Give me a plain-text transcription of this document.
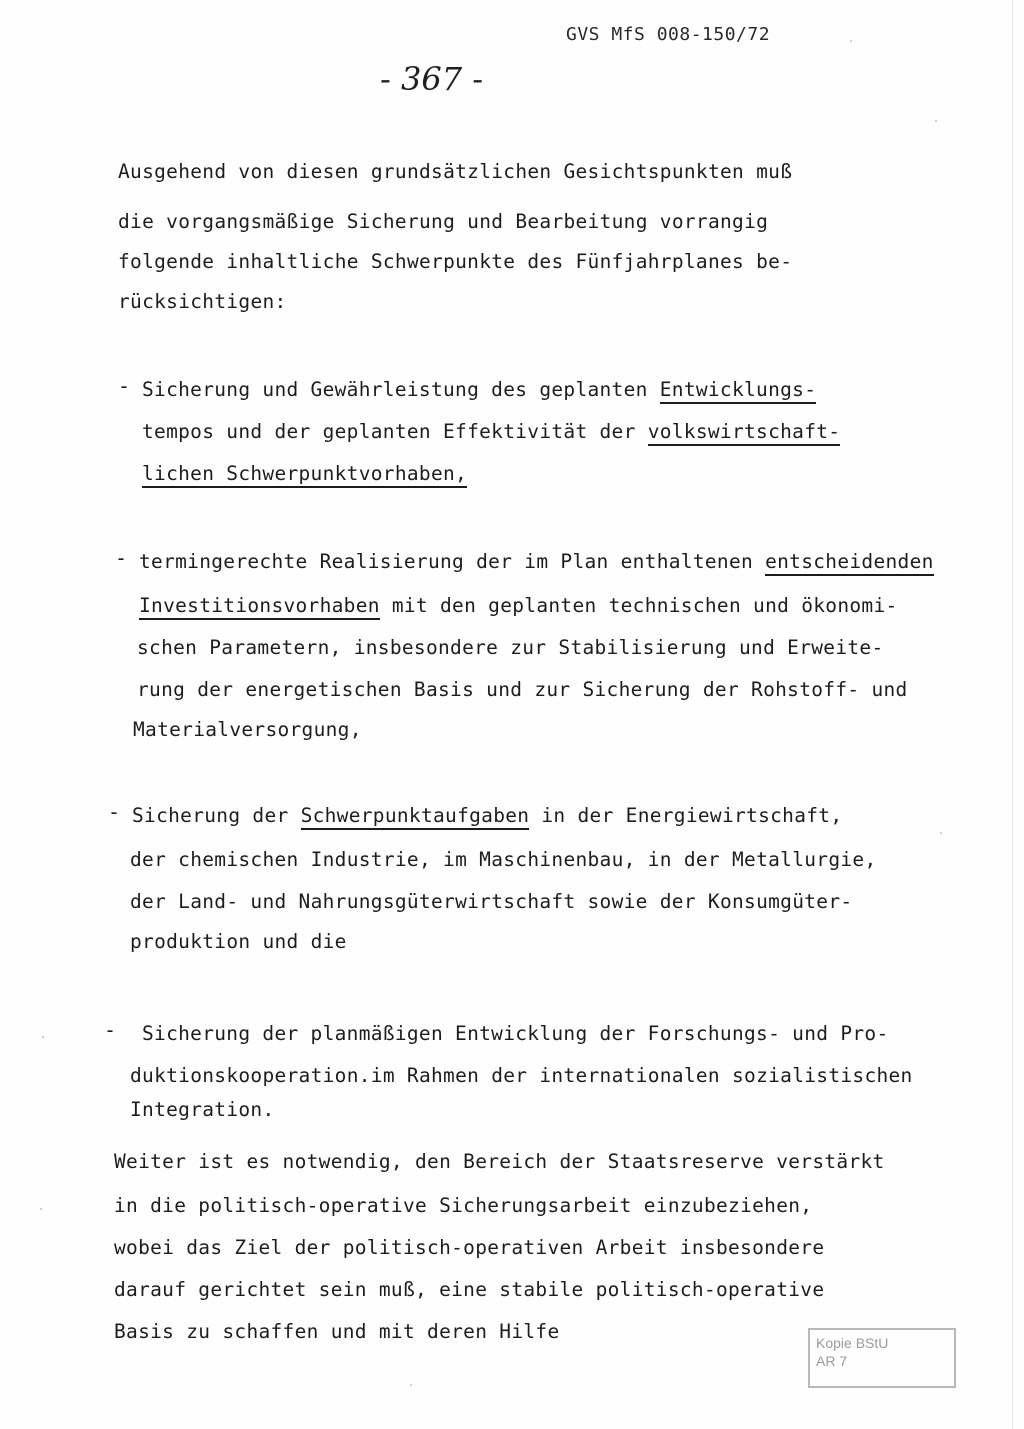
GVS MfS 008-150/72
- 367 -
Ausgehend von diesen grundsätzlichen Gesichtspunkten muß
die vorgangsmäßige Sicherung und Bearbeitung vorrangig
folgende inhaltliche Schwerpunkte des Fünfjahrplanes be-
rücksichtigen:
- Sicherung und Gewährleistung des geplanten Entwicklungs-
tempos und der geplanten Effektivität der volkswirtschaft-
lichen Schwerpunktvorhaben,
- termingerechte Realisierung der im Plan enthaltenen entscheidenden
Investitionsvorhaben mit den geplanten technischen und ökonomi-
schen Parametern, insbesondere zur Stabilisierung und Erweite-
rung der energetischen Basis und zur Sicherung der Rohstoff- und
Materialversorgung,
- Sicherung der Schwerpunktaufgaben in der Energiewirtschaft,
der chemischen Industrie, im Maschinenbau, in der Metallurgie,
der Land- und Nahrungsgüterwirtschaft sowie der Konsumgüter-
produktion und die
- Sicherung der planmäßigen Entwicklung der Forschungs- und Pro-
duktionskooperation.im Rahmen der internationalen sozialistischen
Integration.
Weiter ist es notwendig, den Bereich der Staatsreserve verstärkt
in die politisch-operative Sicherungsarbeit einzubeziehen,
wobei das Ziel der politisch-operativen Arbeit insbesondere
darauf gerichtet sein muß, eine stabile politisch-operative
Basis zu schaffen und mit deren Hilfe	Kopie BStU
AR 7
